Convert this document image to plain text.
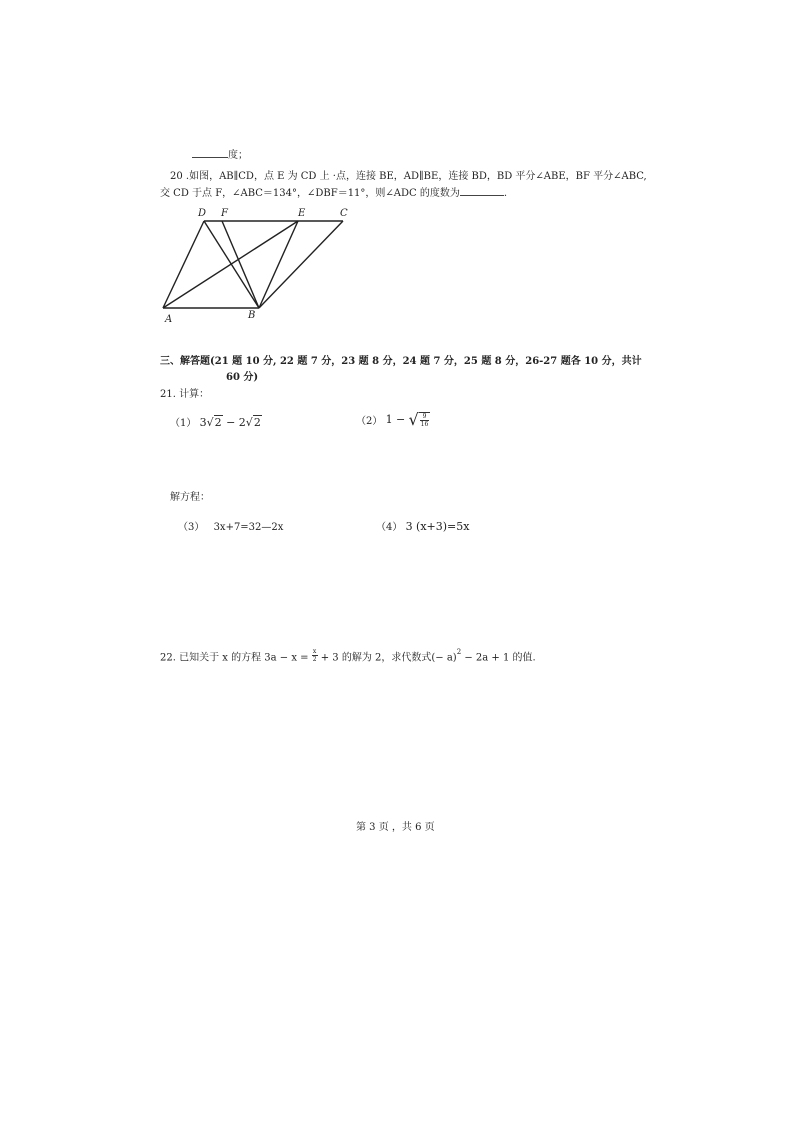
度；
20 .如图，AB∥CD，点 E 为 CD 上 ·点，连接 BE，AD∥BE，连接 BD，BD 平分∠ABE，BF 平分∠ABC,
交 CD 于点 F，∠ABC＝134°，∠DBF＝11°，则∠ADC 的度数为	.
D F	E	C
A	B
三、解答题(21 题 10 分, 22 题 7 分，23 题 8 分，24 题 7 分，25 题 8 分，26-27 题各 10 分，共计
60 分)
21. 计算：
（1） 3√2 − 2√2	（2） 1 − √ $\frac{9}{16}$
解方程：
（3） 3x+7=32—2x	（4） 3 (x+3)=5x
22. 已知关于 x 的方程 $3a - x = \frac{x}{2} + 3$ 的解为 2，求代数式(− a)$^2$ − 2a + 1 的值.
第 3 页 ，共 6 页
